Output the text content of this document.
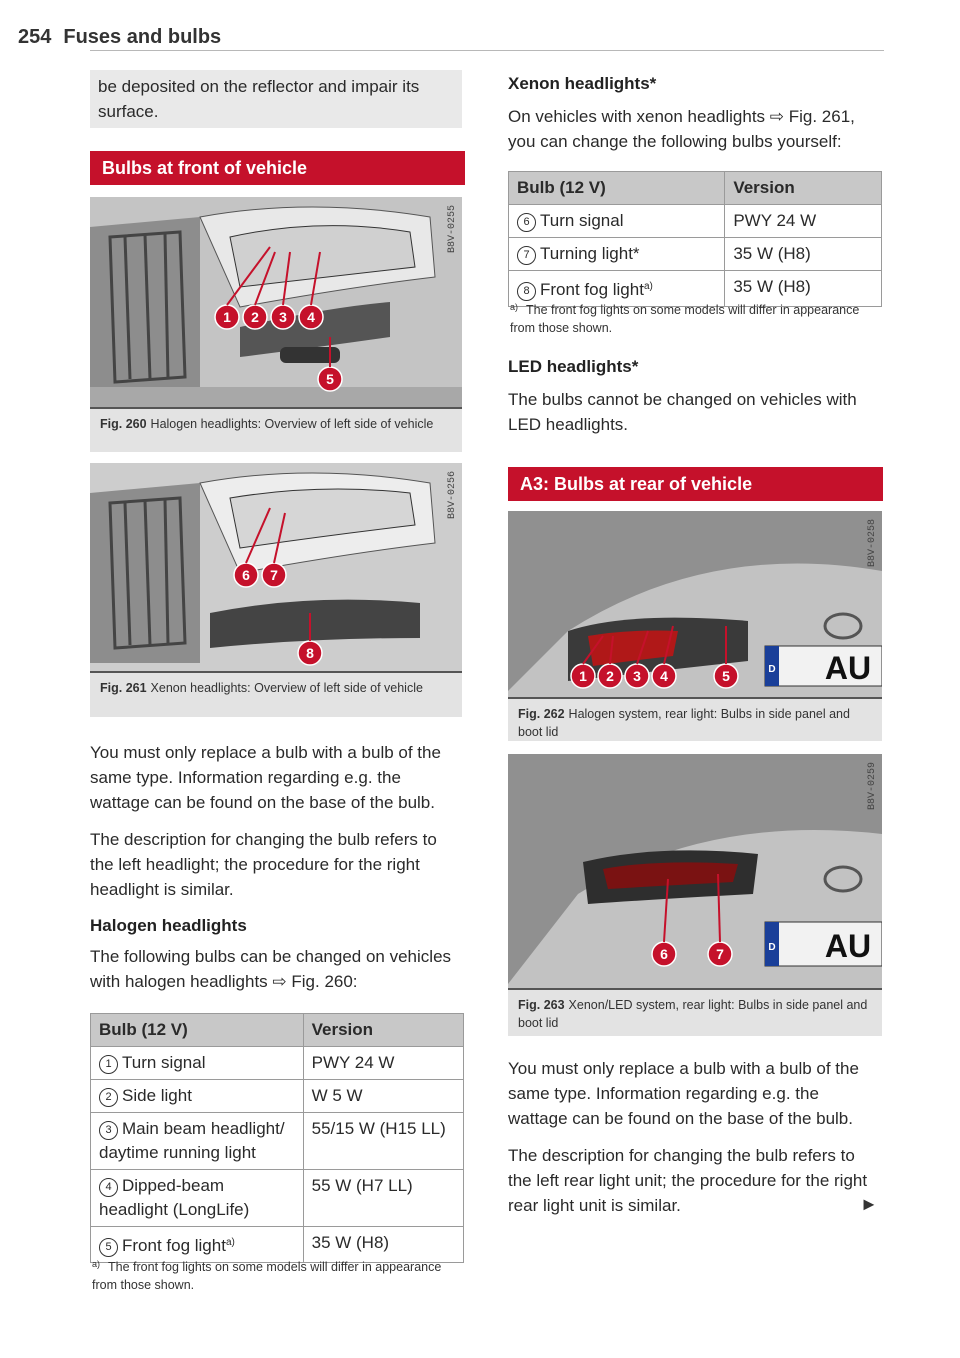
254 Fuses and bulbs

be deposited on the reflector and impair its surface.

Bulbs at front of vehicle
1 2 3 4
5
B8V-0255
Fig. 260 Halogen headlights: Overview of left side of vehicle
6 7
8
B8V-0256
Fig. 261 Xenon headlights: Overview of left side of vehicle

You must only replace a bulb with a bulb of the same type. Information regarding e.g. the wattage can be found on the base of the bulb.

The description for changing the bulb refers to the left headlight; the procedure for the right headlight is similar.

Halogen headlights

The following bulbs can be changed on vehicles with halogen headlights ⇨ Fig. 260:

Bulb (12 V)	Version
1 Turn signal	PWY 24 W
2 Side light	W 5 W
3 Main beam headlight/ daytime running light	55/15 W (H15 LL)
4 Dipped-beam headlight (LongLife)	55 W (H7 LL)
5 Front fog light$^{a)}$	35 W (H8)
$^{a)}$ The front fog lights on some models will differ in appearance from those shown.
Xenon headlights*

On vehicles with xenon headlights ⇨ Fig. 261, you can change the following bulbs yourself:

Bulb (12 V)	Version
6 Turn signal	PWY 24 W
7 Turning light*	35 W (H8)
8 Front fog light$^{a)}$	35 W (H8)
$^{a)}$ The front fog lights on some models will differ in appearance from those shown.
LED headlights*

The bulbs cannot be changed on vehicles with LED headlights.

A3: Bulbs at rear of vehicle
D AU
1 2 3 4	5
B8V-0258
Fig. 262 Halogen system, rear light: Bulbs in side panel and boot lid
D AU
6	7
B8V-0259
Fig. 263 Xenon/LED system, rear light: Bulbs in side panel and boot lid

You must only replace a bulb with a bulb of the same type. Information regarding e.g. the wattage can be found on the base of the bulb.

The description for changing the bulb refers to the left rear light unit; the procedure for the right rear light unit is similar.	►
